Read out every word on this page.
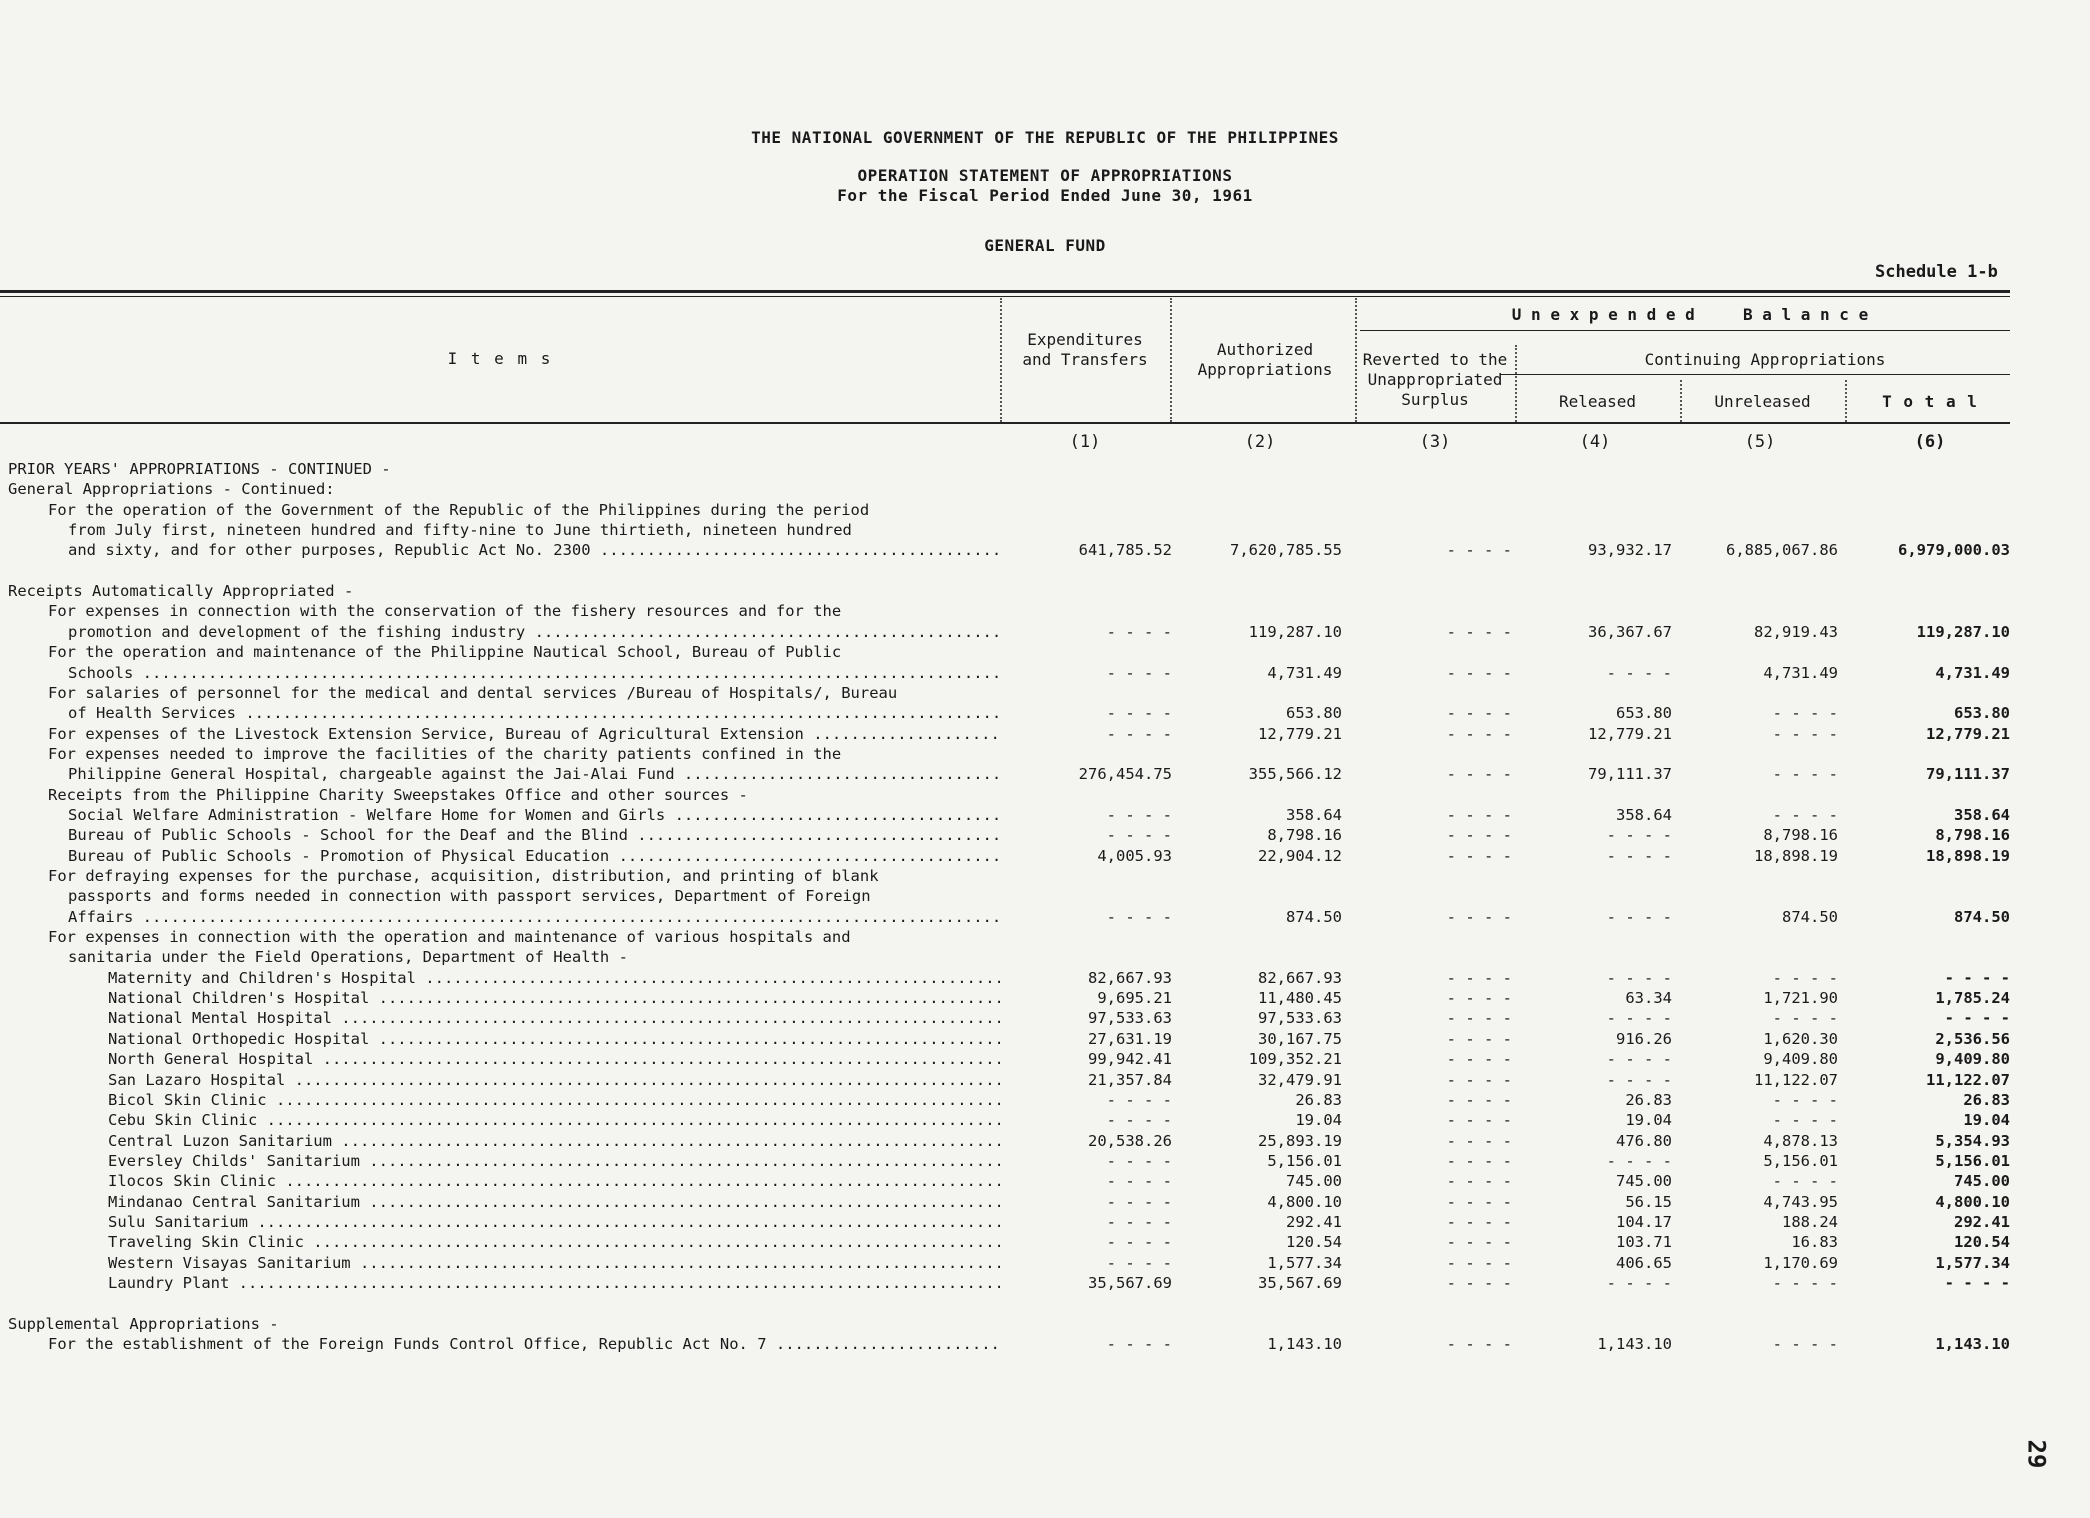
THE NATIONAL GOVERNMENT OF THE REPUBLIC OF THE PHILIPPINES
OPERATION STATEMENT OF APPROPRIATIONS
For the Fiscal Period Ended June 30, 1961
GENERAL FUND
Schedule 1-b
I t e m s
Expenditures and Transfers
Authorized Appropriations
U n e x p e n d e d     B a l a n c e
Reverted to the Unappropriated Surplus
Continuing Appropriations
Released	Unreleased	T o t a l
(1)	(2)	(3)	(4)	(5)	(6)
PRIOR YEARS' APPROPRIATIONS - CONTINUED -
General Appropriations - Continued:
For the operation of the Government of the Republic of the Philippines during the period
from July first, nineteen hundred and fifty-nine to June thirtieth, nineteen hundred
and sixty, and for other purposes, Republic Act No. 2300 .....	641,785.52	7,620,785.55	- - - -	93,932.17	6,885,067.86	6,979,000.03
Receipts Automatically Appropriated -
For expenses in connection with the conservation of the fishery resources and for the
promotion and development of the fishing industry .....	- - - -	119,287.10	- - - -	36,367.67	82,919.43	119,287.10
For the operation and maintenance of the Philippine Nautical School, Bureau of Public
Schools .....	- - - -	4,731.49	- - - -	- - - -	4,731.49	4,731.49
For salaries of personnel for the medical and dental services /Bureau of Hospitals/, Bureau
of Health Services .....	- - - -	653.80	- - - -	653.80	- - - -	653.80
For expenses of the Livestock Extension Service, Bureau of Agricultural Extension .....	- - - -	12,779.21	- - - -	12,779.21	- - - -	12,779.21
For expenses needed to improve the facilities of the charity patients confined in the
Philippine General Hospital, chargeable against the Jai-Alai Fund .....	276,454.75	355,566.12	- - - -	79,111.37	- - - -	79,111.37
Receipts from the Philippine Charity Sweepstakes Office and other sources -
Social Welfare Administration - Welfare Home for Women and Girls .....	- - - -	358.64	- - - -	358.64	- - - -	358.64
Bureau of Public Schools - School for the Deaf and the Blind .....	- - - -	8,798.16	- - - -	- - - -	8,798.16	8,798.16
Bureau of Public Schools - Promotion of Physical Education .....	4,005.93	22,904.12	- - - -	- - - -	18,898.19	18,898.19
For defraying expenses for the purchase, acquisition, distribution, and printing of blank
passports and forms needed in connection with passport services, Department of Foreign
Affairs .....	- - - -	874.50	- - - -	- - - -	874.50	874.50
For expenses in connection with the operation and maintenance of various hospitals and
sanitaria under the Field Operations, Department of Health -
Maternity and Children's Hospital .....	82,667.93	82,667.93	- - - -	- - - -	- - - -	- - - -
National Children's Hospital .....	9,695.21	11,480.45	- - - -	63.34	1,721.90	1,785.24
National Mental Hospital .....	97,533.63	97,533.63	- - - -	- - - -	- - - -	- - - -
National Orthopedic Hospital .....	27,631.19	30,167.75	- - - -	916.26	1,620.30	2,536.56
North General Hospital .....	99,942.41	109,352.21	- - - -	- - - -	9,409.80	9,409.80
San Lazaro Hospital .....	21,357.84	32,479.91	- - - -	- - - -	11,122.07	11,122.07
Bicol Skin Clinic .....	- - - -	26.83	- - - -	26.83	- - - -	26.83
Cebu Skin Clinic .....	- - - -	19.04	- - - -	19.04	- - - -	19.04
Central Luzon Sanitarium .....	20,538.26	25,893.19	- - - -	476.80	4,878.13	5,354.93
Eversley Childs' Sanitarium .....	- - - -	5,156.01	- - - -	- - - -	5,156.01	5,156.01
Ilocos Skin Clinic .....	- - - -	745.00	- - - -	745.00	- - - -	745.00
Mindanao Central Sanitarium .....	- - - -	4,800.10	- - - -	56.15	4,743.95	4,800.10
Sulu Sanitarium .....	- - - -	292.41	- - - -	104.17	188.24	292.41
Traveling Skin Clinic .....	- - - -	120.54	- - - -	103.71	16.83	120.54
Western Visayas Sanitarium .....	- - - -	1,577.34	- - - -	406.65	1,170.69	1,577.34
Laundry Plant .....	35,567.69	35,567.69	- - - -	- - - -	- - - -	- - - -
Supplemental Appropriations -
For the establishment of the Foreign Funds Control Office, Republic Act No. 7 .....	- - - -	1,143.10	- - - -	1,143.10	- - - -	1,143.10
29
